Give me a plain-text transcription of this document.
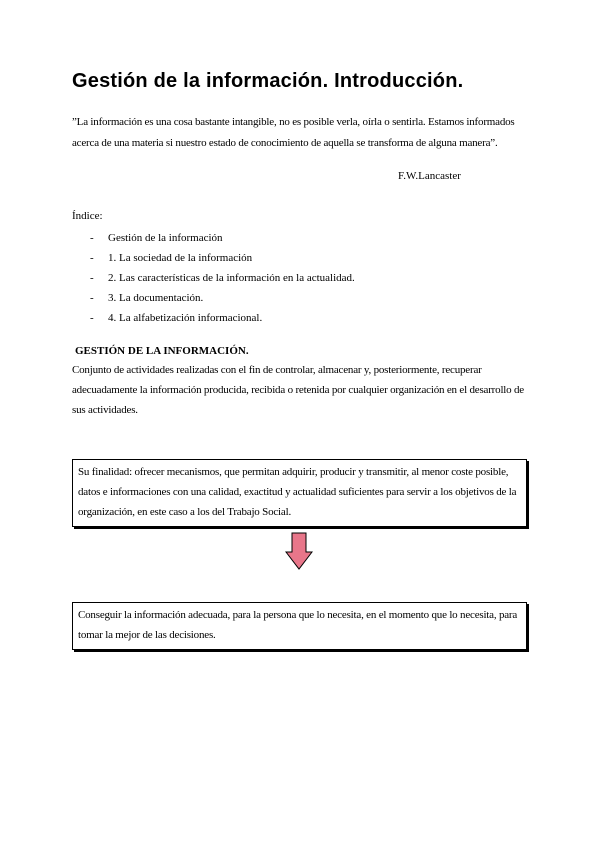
Gestión de la información. Introducción.

”La información es una cosa bastante intangible, no es posible verla, oírla o sentirla. Estamos informados acerca de una materia si nuestro estado de conocimiento de aquella se transforma de alguna manera”.

F.W.Lancaster

Índice:

- Gestión de la información
- 1. La sociedad de la información
- 2. Las características de la información en la actualidad.
- 3. La documentación.
- 4. La alfabetización informacional.

GESTIÓN DE LA INFORMACIÓN.

Conjunto de actividades realizadas con el fin de controlar, almacenar y, posteriormente, recuperar adecuadamente la información producida, recibida o retenida por cualquier organización en el desarrollo de sus actividades.

Su finalidad: ofrecer mecanismos, que permitan adquirir, producir y transmitir, al menor coste posible, datos e informaciones con una calidad, exactitud y actualidad suficientes para servir a los objetivos de la organización, en este caso a los del Trabajo Social.

Conseguir la información adecuada, para la persona que lo necesita, en el momento que lo necesita, para tomar la mejor de las decisiones.
